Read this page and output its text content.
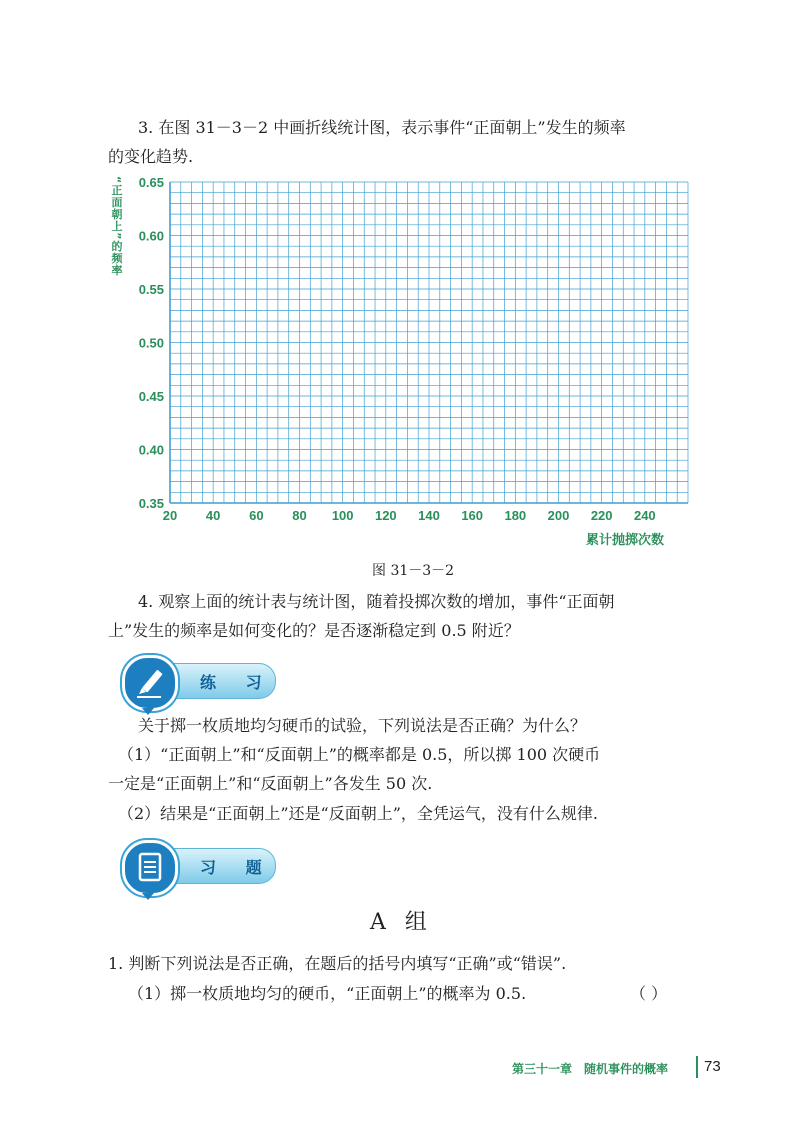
3. 在图 31－3－2 中画折线统计图，表示事件“正面朝上”发生的频率
的变化趋势.
“正面朝上”的频率 0.65
0.60
0.55
0.50
0.45
0.40
0.35
20 40 60 80 100 120 140 160 180 200 220 240
累计抛掷次数
图 31－3－2
4. 观察上面的统计表与统计图，随着投掷次数的增加，事件“正面朝
上”发生的频率是如何变化的？是否逐渐稳定到 0.5 附近？
练 习
关于掷一枚质地均匀硬币的试验，下列说法是否正确？为什么？
（1）“正面朝上”和“反面朝上”的概率都是 0.5，所以掷 100 次硬币
一定是“正面朝上”和“反面朝上”各发生 50 次.
（2）结果是“正面朝上”还是“反面朝上”，全凭运气，没有什么规律.
习 题
A 组
1. 判断下列说法是否正确，在题后的括号内填写“正确”或“错误”.
（1）掷一枚质地均匀的硬币，“正面朝上”的概率为 0.5.	（ ）
第三十一章　随机事件的概率 73
